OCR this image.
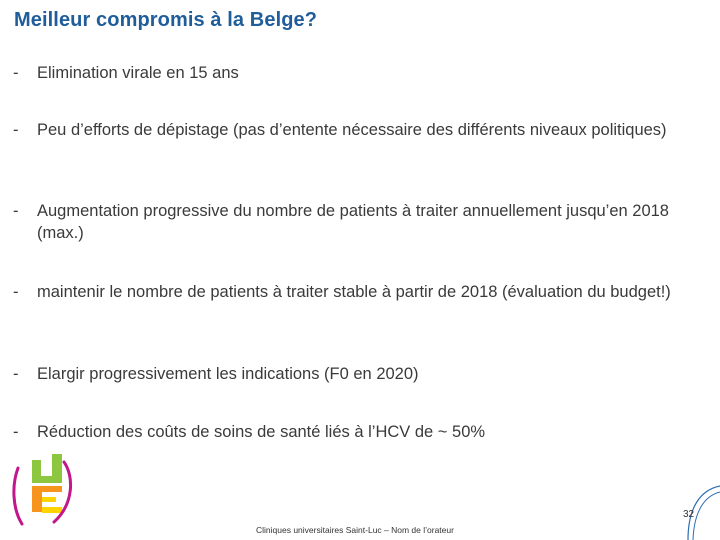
Meilleur compromis à la Belge?
-	Elimination virale en 15 ans
-	Peu d’efforts de dépistage (pas d’entente nécessaire des différents niveaux politiques)
-	Augmentation progressive du nombre de patients à traiter annuellement jusqu’en 2018 (max.)
-	maintenir le nombre de patients à traiter stable à partir de 2018 (évaluation du budget!)
-	Elargir progressivement les indications (F0 en 2020)
-	Réduction des coûts de soins de santé liés à l’HCV de ~ 50%
Cliniques universitaires Saint-Luc – Nom de l’orateur
32
